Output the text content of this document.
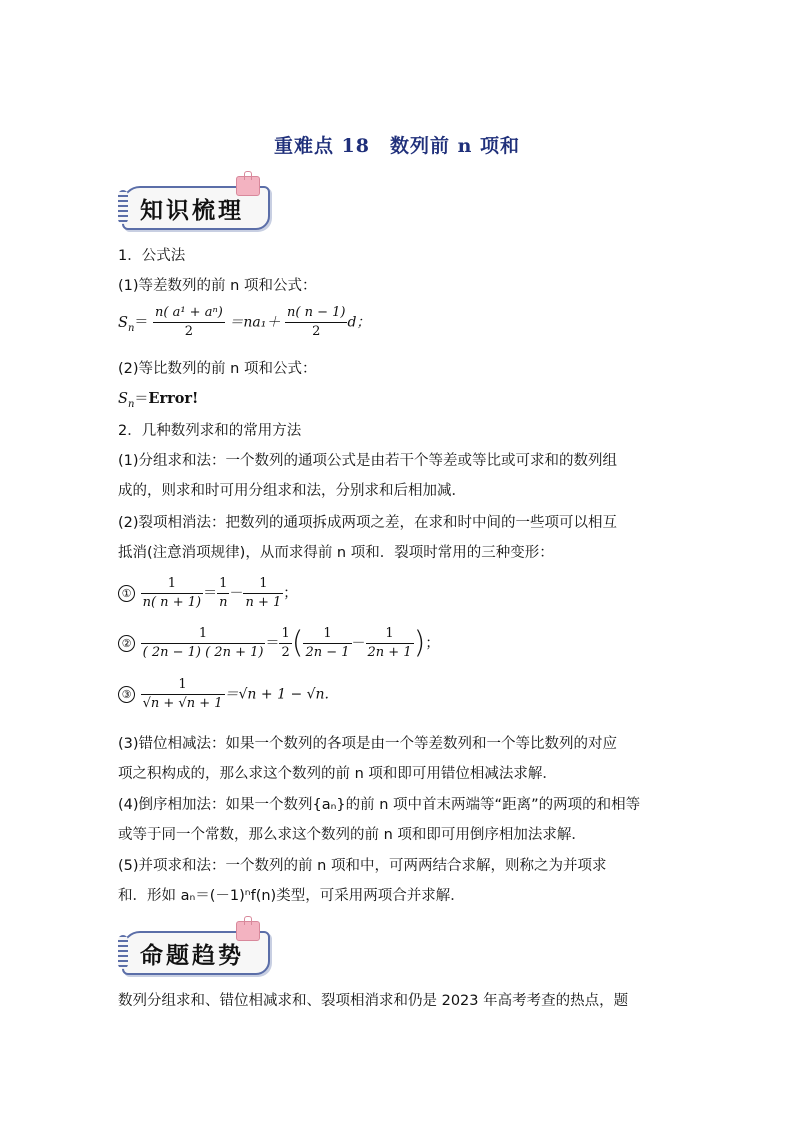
重难点 18　数列前 n 项和
知识梳理
1．公式法
(1)等差数列的前 n 项和公式：
$S_n= \frac{\text{n( a¹ + aⁿ)}}{2} =na_1+ \frac{n( n - 1)}{2}$ d；
(2)等比数列的前 n 项和公式：
$S_n=Error$!
2．几种数列求和的常用方法
(1)分组求和法：一个数列的通项公式是由若干个等差或等比或可求和的数列组
成的，则求和时可用分组求和法，分别求和后相加减．
(2)裂项相消法：把数列的通项拆成两项之差，在求和时中间的一些项可以相互
抵消(注意消项规律)，从而求得前 n 项和．裂项时常用的三种变形：
① $\frac{1}{n( n + 1)} = \frac{1}{n} - \frac{1}{n + 1}$ ；
② $\frac{1}{( 2n - 1) ( 2n + 1)} = \frac{1}{2}$ ( $\frac{1}{2n - 1} - \frac{1}{2n + 1}$ )；
③ $\frac{1}{√n + √n + 1} =√n + 1 - √n$.
(3)错位相减法：如果一个数列的各项是由一个等差数列和一个等比数列的对应
项之积构成的，那么求这个数列的前 n 项和即可用错位相减法求解．
(4)倒序相加法：如果一个数列{aₙ}的前 n 项中首末两端等“距离”的两项的和相等
或等于同一个常数，那么求这个数列的前 n 项和即可用倒序相加法求解．
(5)并项求和法：一个数列的前 n 项和中，可两两结合求解，则称之为并项求
和．形如 aₙ＝(－1)ⁿf(n)类型，可采用两项合并求解．
命题趋势
数列分组求和、错位相减求和、裂项相消求和仍是 2023 年高考考查的热点，题
